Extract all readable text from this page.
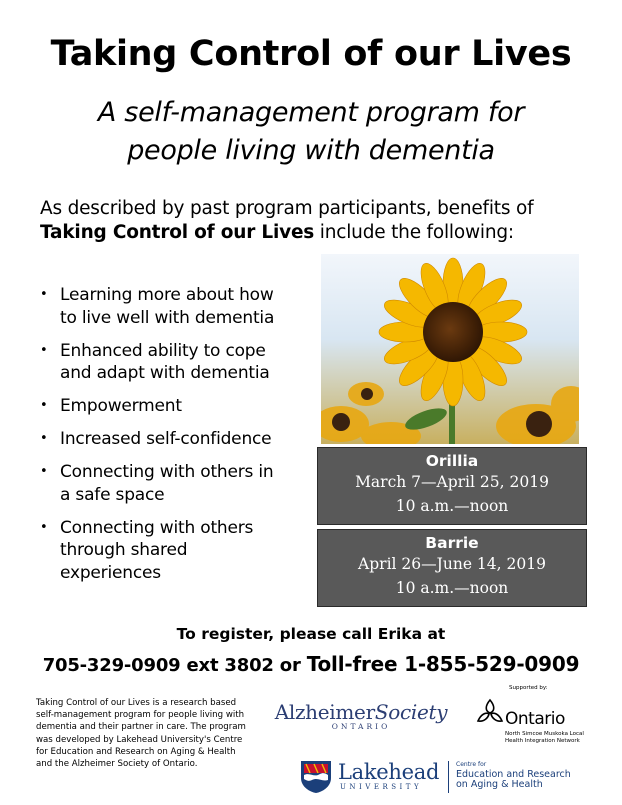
Taking Control of our Lives
A self-management program for
people living with dementia
As described by past program participants, benefits of
Taking Control of our Lives include the following:
• Learning more about how
to live well with dementia
• Enhanced ability to cope
and adapt with dementia
• Empowerment
• Increased self-confidence
• Connecting with others in
a safe space
• Connecting with others
through shared
experiences
Orillia
March 7—April 25, 2019
10 a.m.—noon
Barrie
April 26—June 14, 2019
10 a.m.—noon
To register, please call Erika at
705-329-0909 ext 3802 or Toll-free 1-855-529-0909
Taking Control of our Lives is a research based self-management program for people living with dementia and their partner in care. The program was developed by Lakehead University's Centre for Education and Research on Aging & Health and the Alzheimer Society of Ontario.
AlzheimerSociety
ONTARIO
Supported by:
Ontario
North Simcoe Muskoka Local
Health Integration Network
Lakehead
UNIVERSITY
Centre for
Education and Research
on Aging & Health
